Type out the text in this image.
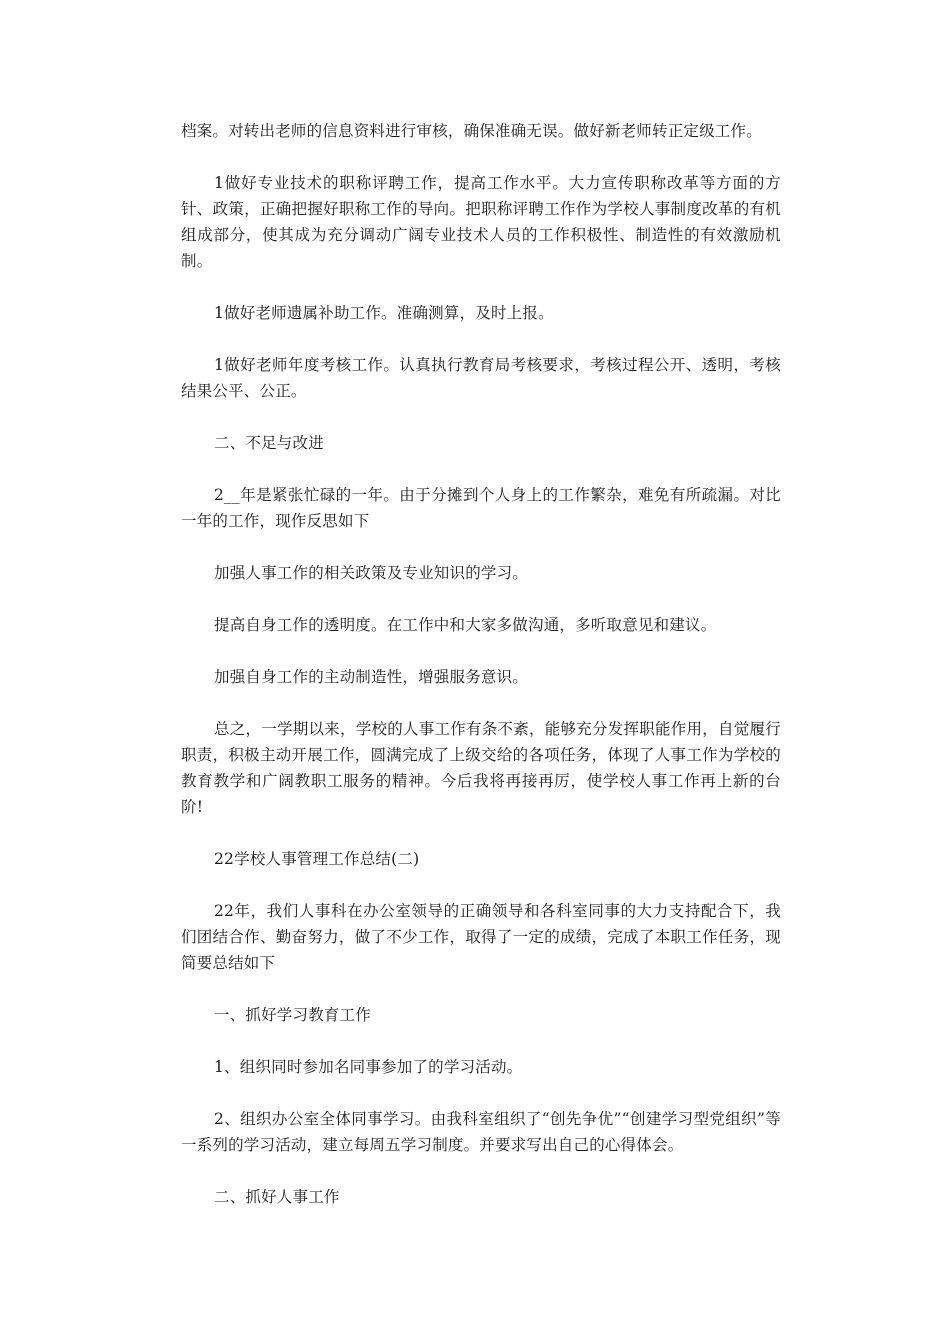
档案。对转出老师的信息资料进行审核，确保准确无误。做好新老师转正定级工作。

1做好专业技术的职称评聘工作，提高工作水平。大力宣传职称改革等方面的方针、政策，正确把握好职称工作的导向。把职称评聘工作作为学校人事制度改革的有机组成部分，使其成为充分调动广阔专业技术人员的工作积极性、制造性的有效激励机制。

1做好老师遗属补助工作。准确测算，及时上报。

1做好老师年度考核工作。认真执行教育局考核要求，考核过程公开、透明，考核结果公平、公正。

二、不足与改进

2__年是紧张忙碌的一年。由于分摊到个人身上的工作繁杂，难免有所疏漏。对比一年的工作，现作反思如下

加强人事工作的相关政策及专业知识的学习。

提高自身工作的透明度。在工作中和大家多做沟通，多听取意见和建议。

加强自身工作的主动制造性，增强服务意识。

总之，一学期以来，学校的人事工作有条不紊，能够充分发挥职能作用，自觉履行职责，积极主动开展工作，圆满完成了上级交给的各项任务，体现了人事工作为学校的教育教学和广阔教职工服务的精神。今后我将再接再厉，使学校人事工作再上新的台阶!

22学校人事管理工作总结(二)

22年，我们人事科在办公室领导的正确领导和各科室同事的大力支持配合下，我们团结合作、勤奋努力，做了不少工作，取得了一定的成绩，完成了本职工作任务，现简要总结如下

一、抓好学习教育工作

1、组织同时参加名同事参加了的学习活动。

2、组织办公室全体同事学习。由我科室组织了“创先争优”“创建学习型党组织”等一系列的学习活动，建立每周五学习制度。并要求写出自己的心得体会。

二、抓好人事工作
